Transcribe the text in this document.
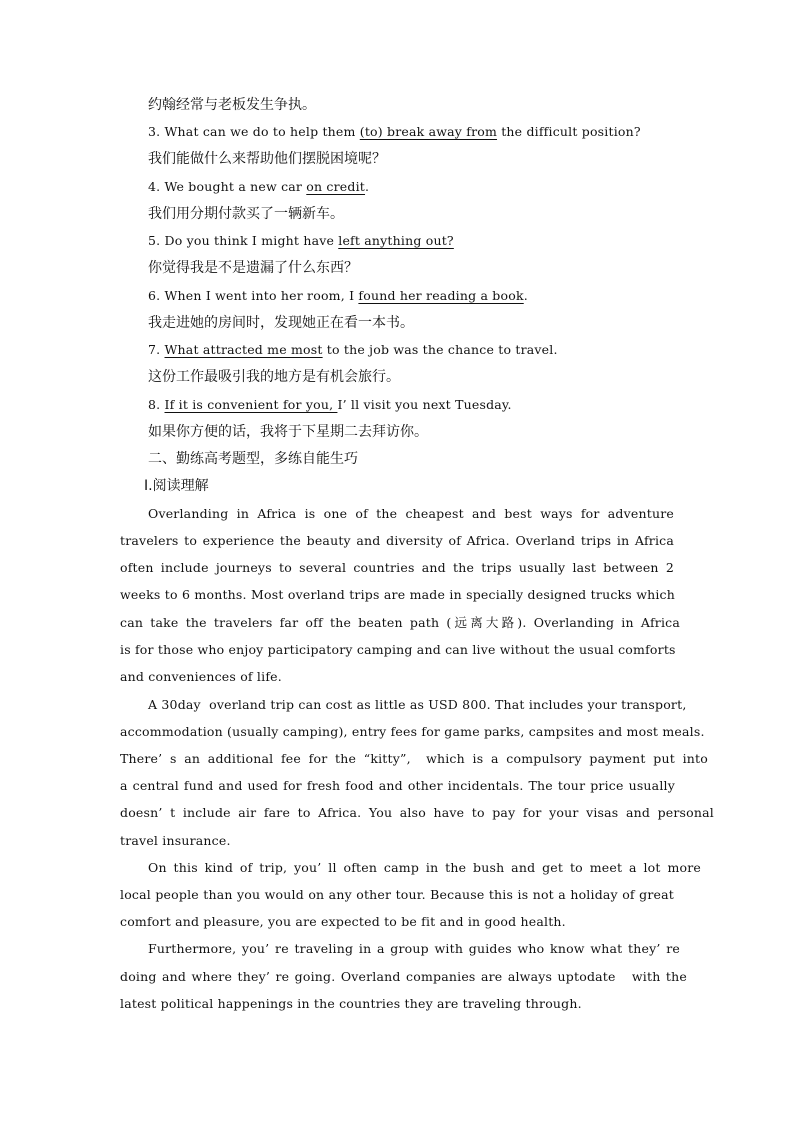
约翰经常与老板发生争执。
3. What can we do to help them (to) break away from the difficult position?
我们能做什么来帮助他们摆脱困境呢？
4. We bought a new car on credit.
我们用分期付款买了一辆新车。
5. Do you think I might have left anything out?
你觉得我是不是遗漏了什么东西？
6. When I went into her room, I found her reading a book.
我走进她的房间时，发现她正在看一本书。
7. What attracted me most to the job was the chance to travel.
这份工作最吸引我的地方是有机会旅行。
8. If it is convenient for you, I’ ll visit you next Tuesday.
如果你方便的话，我将于下星期二去拜访你。
二、勤练高考题型，多练自能生巧
Ⅰ.阅读理解
Overlanding in Africa is one of the cheapest and best ways for adventure
travelers to experience the beauty and diversity of Africa. Overland trips in Africa
often include journeys to several countries and the trips usually last between 2
weeks to 6 months. Most overland trips are made in specially designed trucks which
can take the travelers far off the beaten path (远离大路). Overlanding in Africa
is for those who enjoy participatory camping and can live without the usual comforts
and conveniences of life.
A 30day  overland trip can cost as little as USD 800. That includes your transport,
accommodation (usually camping), entry fees for game parks, campsites and most meals.
There’ s an additional fee for the “kitty”,  which is a compulsory payment put into
a central fund and used for fresh food and other incidentals. The tour price usually
doesn’ t include air fare to Africa. You also have to pay for your visas and personal
travel insurance.
On this kind of trip, you’ ll often camp in the bush and get to meet a lot more
local people than you would on any other tour. Because this is not a holiday of great
comfort and pleasure, you are expected to be fit and in good health.
Furthermore, you’ re traveling in a group with guides who know what they’ re
doing and where they’ re going. Overland companies are always uptodate   with the
latest political happenings in the countries they are traveling through.
